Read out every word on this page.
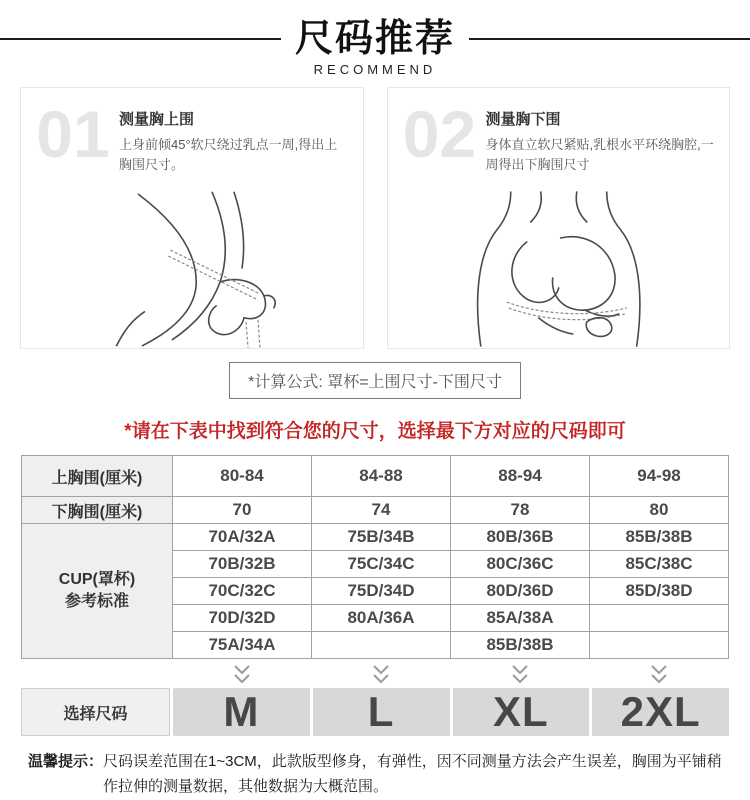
尺码推荐
RECOMMEND
01 测量胸上围
上身前倾45°软尺绕过乳点一周,得出上胸围尺寸。	02 测量胸下围
身体直立软尺紧贴,乳根水平环绕胸腔,一周得出下胸围尺寸
*计算公式: 罩杯=上围尺寸-下围尺寸
*请在下表中找到符合您的尺寸，选择最下方对应的尺码即可
上胸围(厘米)	80-84	84-88	88-94	94-98
下胸围(厘米)	70	74	78	80

CUP(罩杯)
参考标准	70A/32A	75B/34B	80B/36B	85B/38B
	70B/32B	75C/34C	80C/36C	85C/38C
	70C/32C	75D/34D	80D/36D	85D/38D
	70D/32D	80A/36A	85A/38A	
	75A/34A		85B/38B	
选择尺码	M	L	XL	2XL
温馨提示： 尺码误差范围在1~3CM，此款版型修身，有弹性，因不同测量方法会产生误差，胸围为平铺稍作拉伸的测量数据，其他数据为大概范围。
